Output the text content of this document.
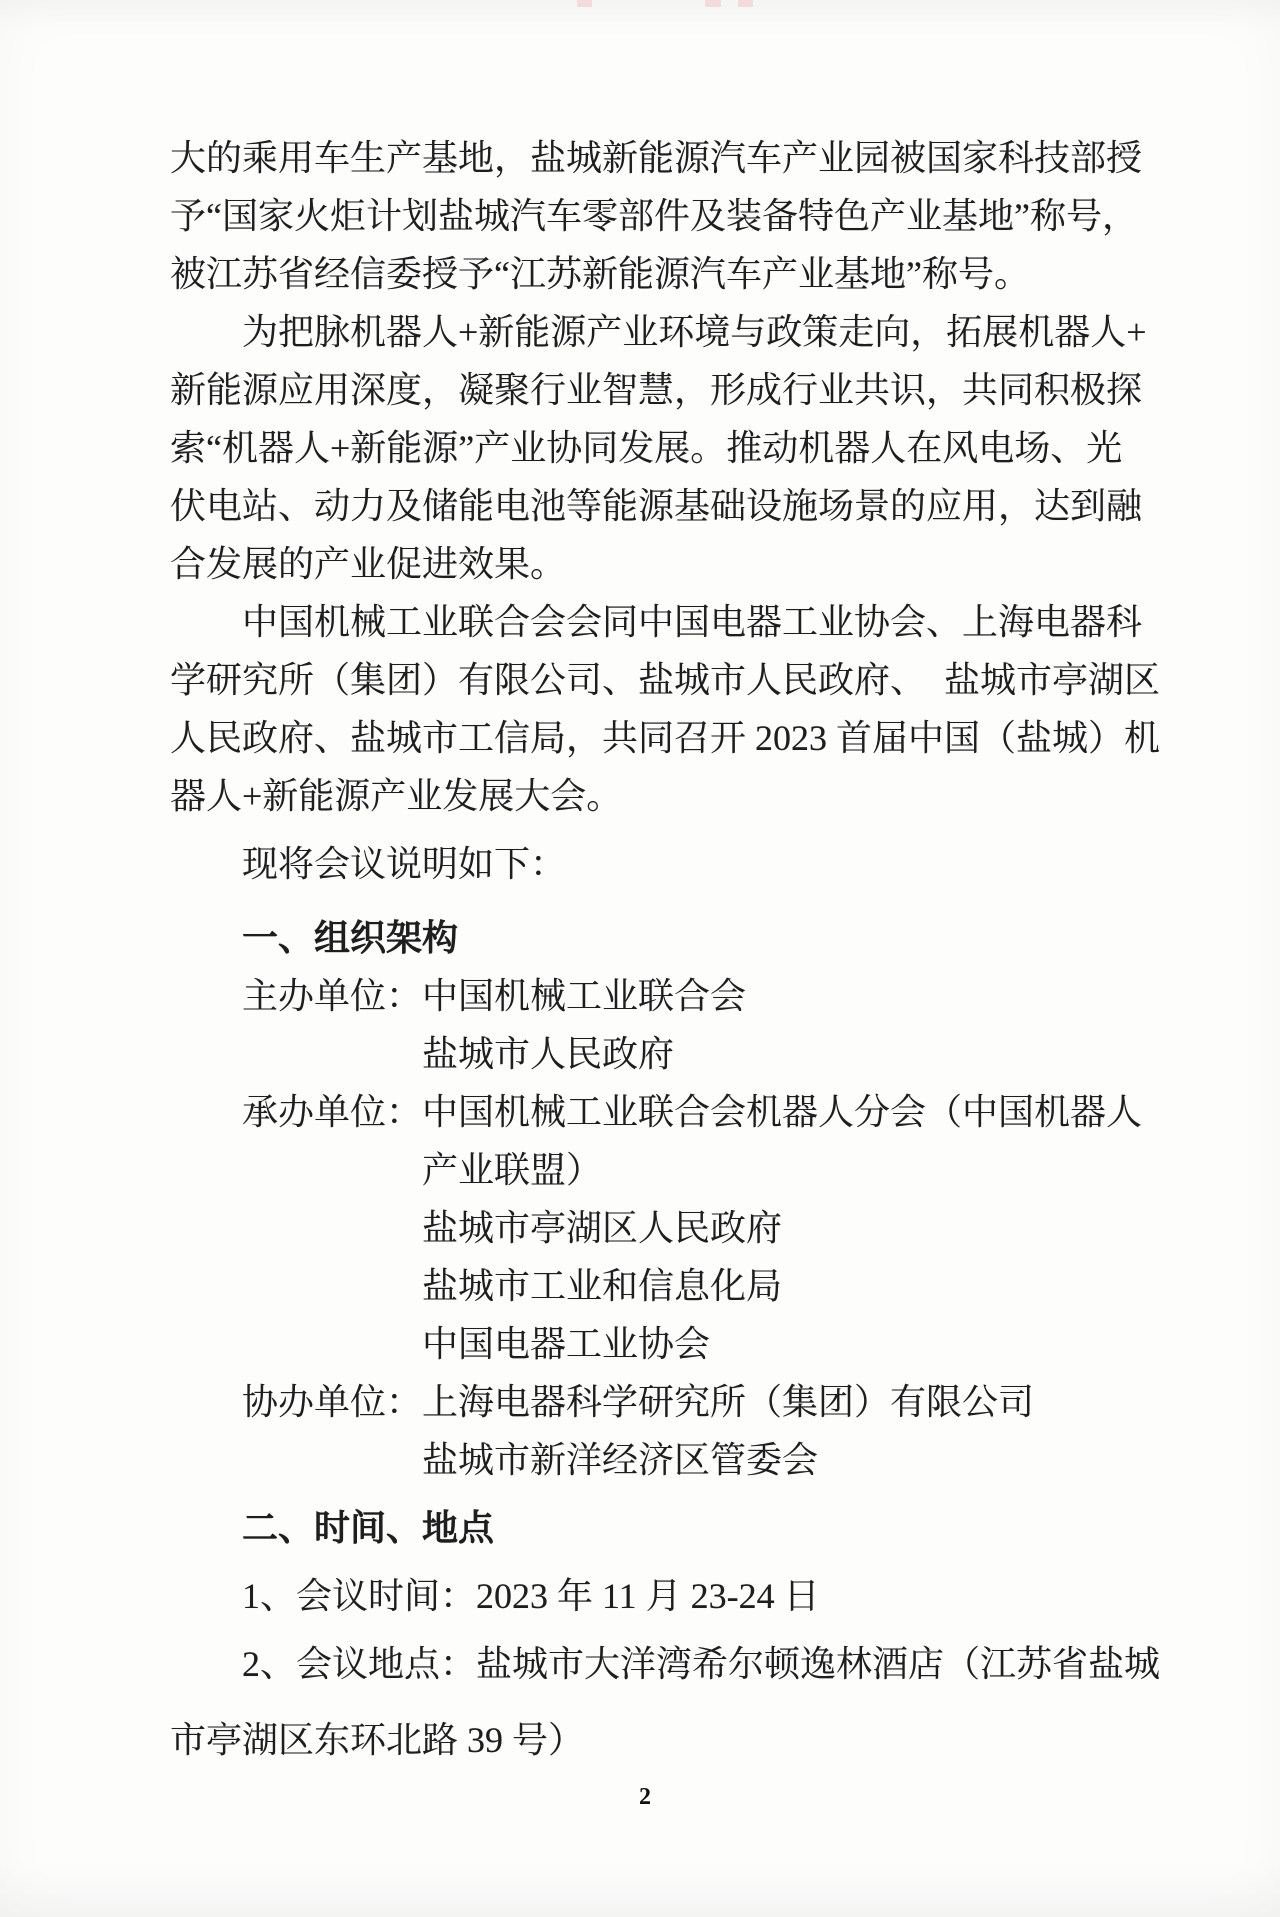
大的乘用车生产基地，盐城新能源汽车产业园被国家科技部授
予“国家火炬计划盐城汽车零部件及装备特色产业基地”称号，
被江苏省经信委授予“江苏新能源汽车产业基地”称号。
为把脉机器人+新能源产业环境与政策走向，拓展机器人+
新能源应用深度，凝聚行业智慧，形成行业共识，共同积极探
索“机器人+新能源”产业协同发展。推动机器人在风电场、光
伏电站、动力及储能电池等能源基础设施场景的应用，达到融
合发展的产业促进效果。
中国机械工业联合会会同中国电器工业协会、上海电器科
学研究所（集团）有限公司、盐城市人民政府、　盐城市亭湖区
人民政府、盐城市工信局，共同召开 2023 首届中国（盐城）机
器人+新能源产业发展大会。
现将会议说明如下：
一、组织架构
主办单位：中国机械工业联合会
盐城市人民政府
承办单位：中国机械工业联合会机器人分会（中国机器人
产业联盟）
盐城市亭湖区人民政府
盐城市工业和信息化局
中国电器工业协会
协办单位：上海电器科学研究所（集团）有限公司
盐城市新洋经济区管委会
二、时间、地点
1、会议时间：2023 年 11 月 23-24 日
2、会议地点：盐城市大洋湾希尔顿逸林酒店（江苏省盐城
市亭湖区东环北路 39 号）
2
